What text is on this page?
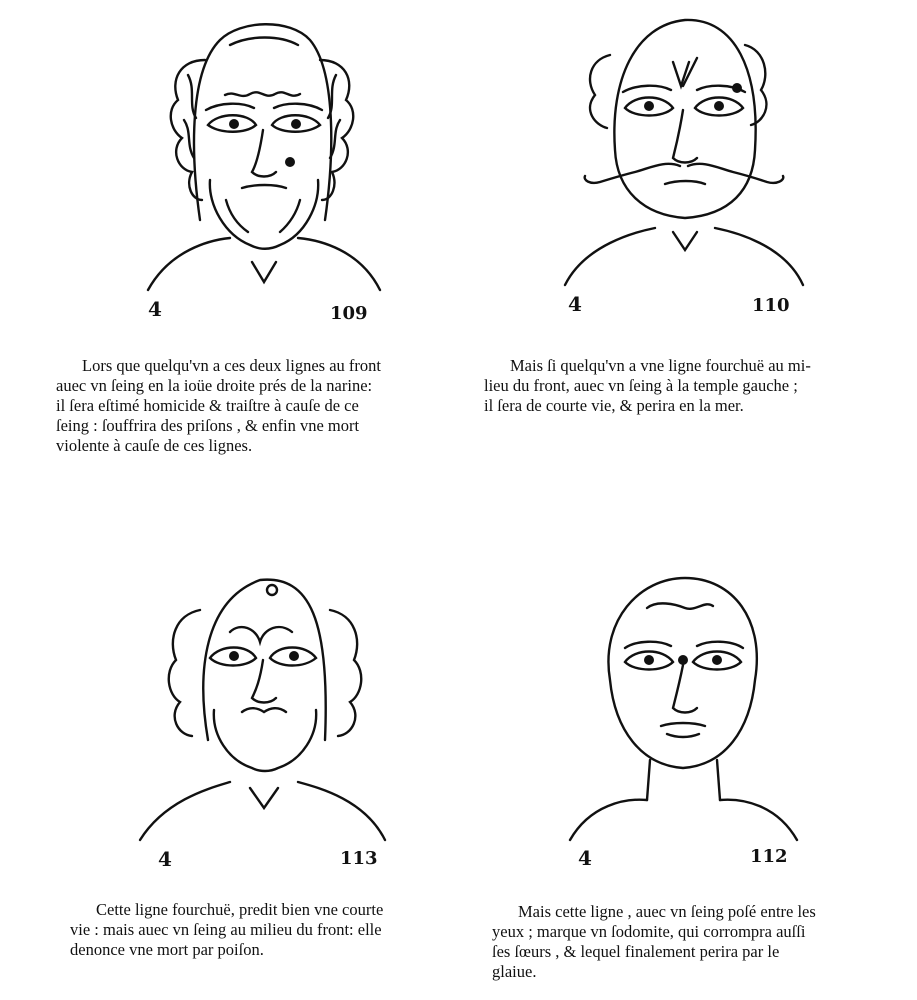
4	109	4	110
4	113	4	112
Lors que quelqu'vn a ces deux lignes au front
auec vn ſeing en la ioüe droite prés de la narine:
il ſera eſtimé homicide & traiſtre à cauſe de ce
ſeing : ſouffrira des priſons , & enfin vne mort
violente à cauſe de ces lignes.
Mais ſi quelqu'vn a vne ligne fourchuë au mi-
lieu du front, auec vn ſeing à la temple gauche ;
il ſera de courte vie, & perira en la mer.
Cette ligne fourchuë, predit bien vne courte
vie : mais auec vn ſeing au milieu du front: elle
denonce vne mort par poiſon.
Mais cette ligne , auec vn ſeing poſé entre les
yeux ; marque vn ſodomite, qui corrompra auſſi
ſes ſœurs , & lequel finalement perira par le
glaiue.
